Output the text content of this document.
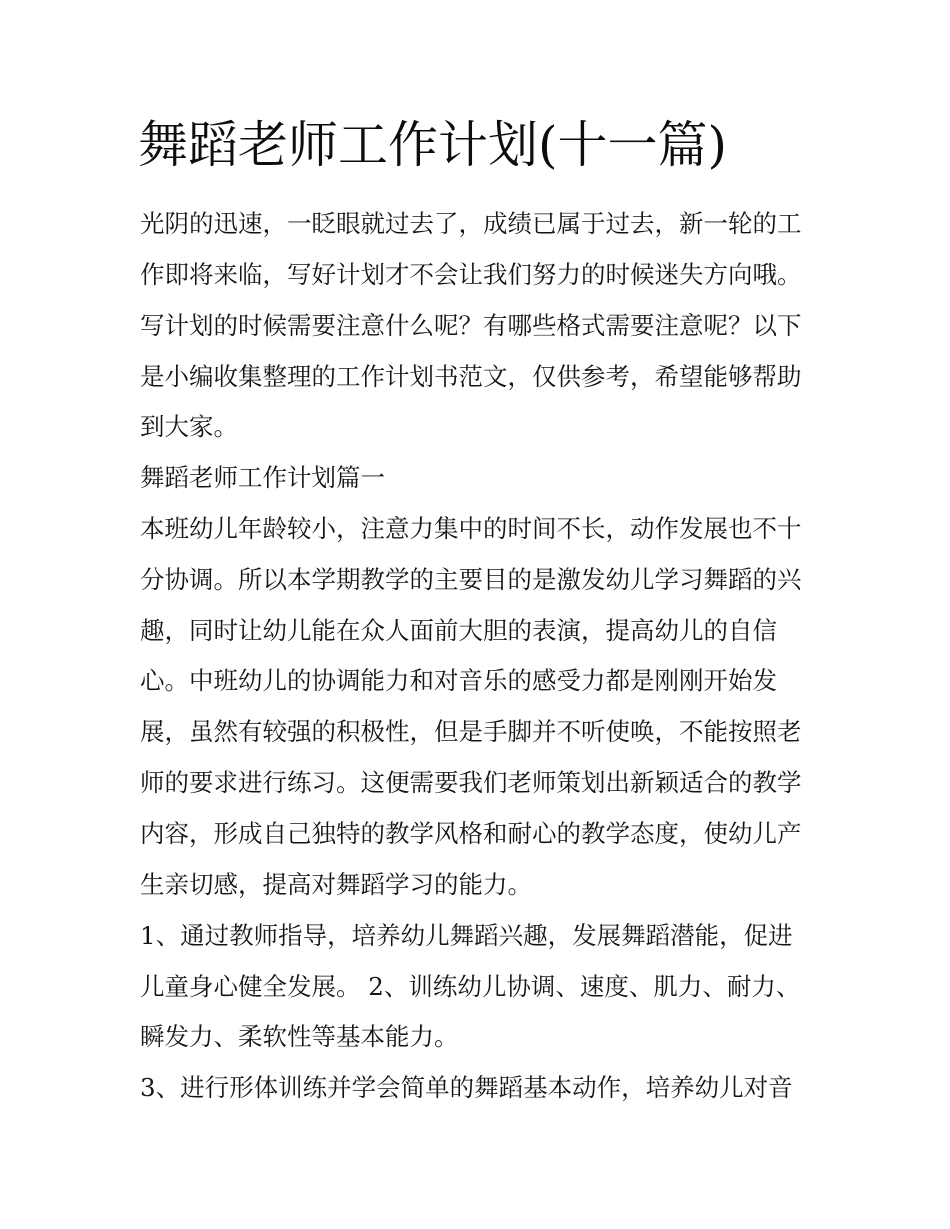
舞蹈老师工作计划(十一篇)

光阴的迅速，一眨眼就过去了，成绩已属于过去，新一轮的工

作即将来临，写好计划才不会让我们努力的时候迷失方向哦。

写计划的时候需要注意什么呢？有哪些格式需要注意呢？以下

是小编收集整理的工作计划书范文，仅供参考，希望能够帮助

到大家。

舞蹈老师工作计划篇一

本班幼儿年龄较小，注意力集中的时间不长，动作发展也不十

分协调。所以本学期教学的主要目的是激发幼儿学习舞蹈的兴

趣，同时让幼儿能在众人面前大胆的表演，提高幼儿的自信

心。中班幼儿的协调能力和对音乐的感受力都是刚刚开始发

展，虽然有较强的积极性，但是手脚并不听使唤，不能按照老

师的要求进行练习。这便需要我们老师策划出新颖适合的教学

内容，形成自己独特的教学风格和耐心的教学态度，使幼儿产

生亲切感，提高对舞蹈学习的能力。

1、通过教师指导，培养幼儿舞蹈兴趣，发展舞蹈潜能，促进

儿童身心健全发展。 2、训练幼儿协调、速度、肌力、耐力、

瞬发力、柔软性等基本能力。

3、进行形体训练并学会简单的舞蹈基本动作，培养幼儿对音
